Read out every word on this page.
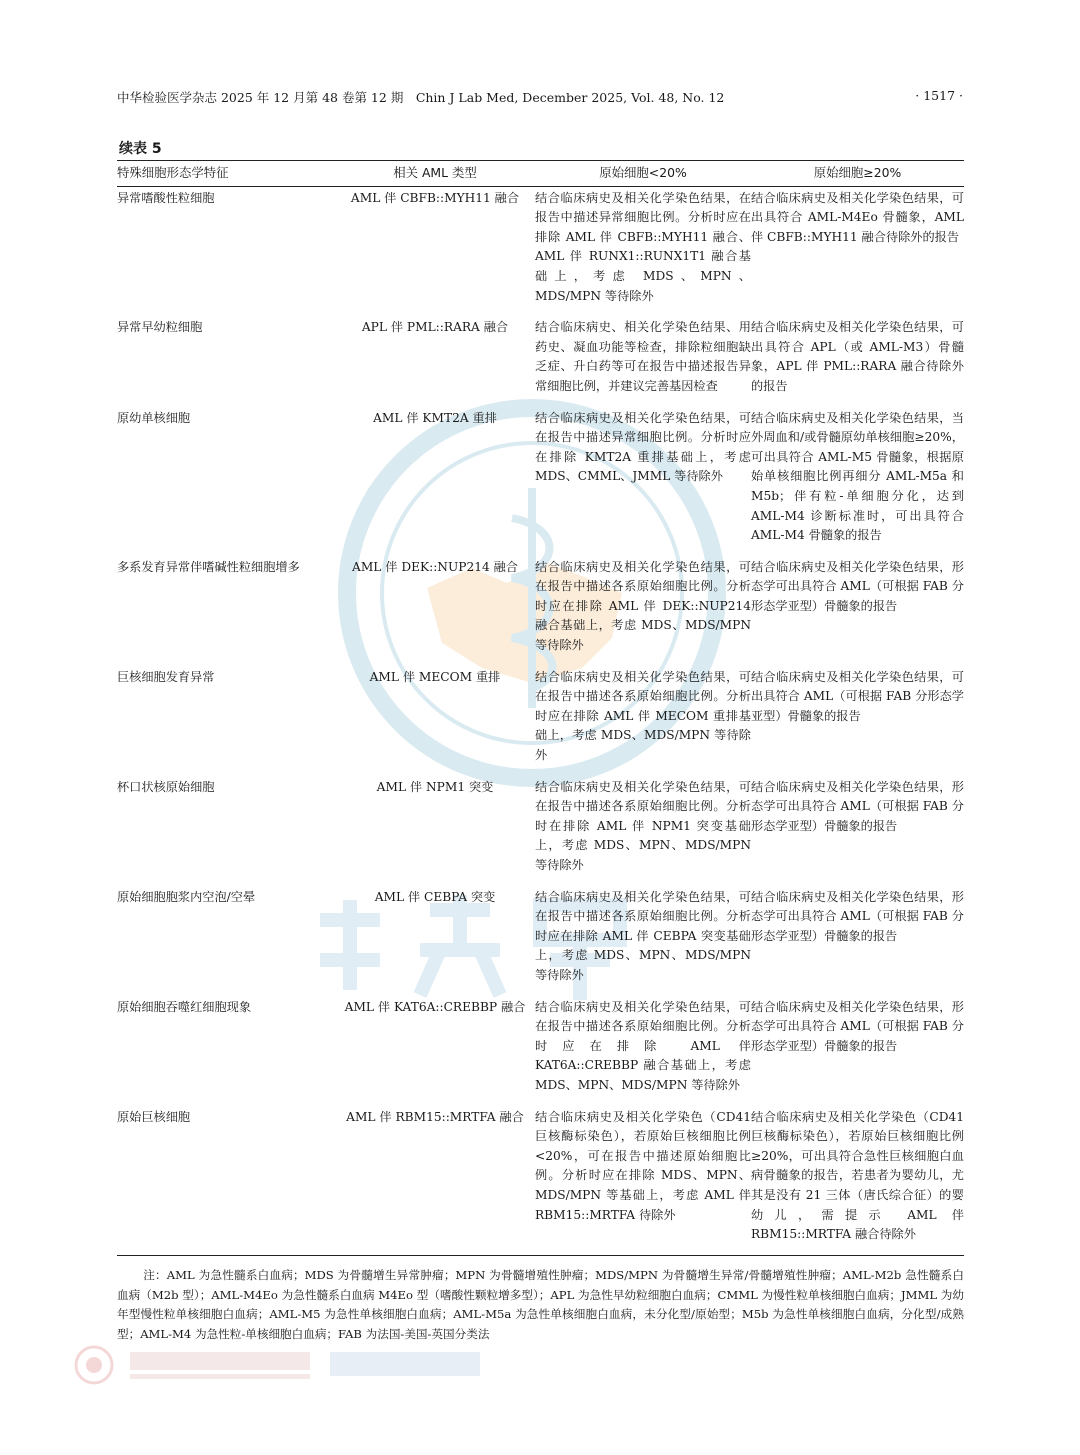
中华检验医学杂志 2025 年 12 月第 48 卷第 12 期　Chin J Lab Med, December 2025, Vol. 48, No. 12	· 1517 ·
续表 5
特殊细胞形态学特征	相关 AML 类型	原始细胞<20%	原始细胞≥20%
异常嗜酸性粒细胞	AML 伴 CBFB::MYH11 融合	结合临床病史及相关化学染色结果，在报告中描述异常细胞比例。分析时应在排除 AML 伴 CBFB::MYH11 融合、AML 伴 RUNX1::RUNX1T1 融合基础上，考虑 MDS、MPN、MDS/MPN 等待除外	结合临床病史及相关化学染色结果，可出具符合 AML-M4Eo 骨髓象，AML 伴 CBFB::MYH11 融合待除外的报告
异常早幼粒细胞	APL 伴 PML::RARA 融合	结合临床病史、相关化学染色结果、用药史、凝血功能等检查，排除粒细胞缺乏症、升白药等可在报告中描述报告异常细胞比例，并建议完善基因检查	结合临床病史及相关化学染色结果，可出具符合 APL（或 AML-M3）骨髓象，APL 伴 PML::RARA 融合待除外的报告
原幼单核细胞	AML 伴 KMT2A 重排	结合临床病史及相关化学染色结果，可在报告中描述异常细胞比例。分析时应在排除 KMT2A 重排基础上，考虑 MDS、CMML、JMML 等待除外	结合临床病史及相关化学染色结果，当外周血和/或骨髓原幼单核细胞≥20%，可出具符合 AML-M5 骨髓象，根据原始单核细胞比例再细分 AML-M5a 和 M5b；伴有粒-单细胞分化，达到 AML-M4 诊断标准时，可出具符合 AML-M4 骨髓象的报告
多系发育异常伴嗜碱性粒细胞增多	AML 伴 DEK::NUP214 融合	结合临床病史及相关化学染色结果，可在报告中描述各系原始细胞比例。分析时应在排除 AML 伴 DEK::NUP214 融合基础上，考虑 MDS、MDS/MPN 等待除外	结合临床病史及相关化学染色结果，形态学可出具符合 AML（可根据 FAB 分形态学亚型）骨髓象的报告
巨核细胞发育异常	AML 伴 MECOM 重排	结合临床病史及相关化学染色结果，可在报告中描述各系原始细胞比例。分析时应在排除 AML 伴 MECOM 重排基础上，考虑 MDS、MDS/MPN 等待除外	结合临床病史及相关化学染色结果，可出具符合 AML（可根据 FAB 分形态学亚型）骨髓象的报告
杯口状核原始细胞	AML 伴 NPM1 突变	结合临床病史及相关化学染色结果，可在报告中描述各系原始细胞比例。分析时在排除 AML 伴 NPM1 突变基础上，考虑 MDS、MPN、MDS/MPN 等待除外	结合临床病史及相关化学染色结果，形态学可出具符合 AML（可根据 FAB 分形态学亚型）骨髓象的报告
原始细胞胞浆内空泡/空晕	AML 伴 CEBPA 突变	结合临床病史及相关化学染色结果，可在报告中描述各系原始细胞比例。分析时应在排除 AML 伴 CEBPA 突变基础上，考虑 MDS、MPN、MDS/MPN 等待除外	结合临床病史及相关化学染色结果，形态学可出具符合 AML（可根据 FAB 分形态学亚型）骨髓象的报告
原始细胞吞噬红细胞现象	AML 伴 KAT6A::CREBBP 融合	结合临床病史及相关化学染色结果，可在报告中描述各系原始细胞比例。分析时应在排除 AML 伴 KAT6A::CREBBP 融合基础上，考虑 MDS、MPN、MDS/MPN 等待除外	结合临床病史及相关化学染色结果，形态学可出具符合 AML（可根据 FAB 分形态学亚型）骨髓象的报告
原始巨核细胞	AML 伴 RBM15::MRTFA 融合	结合临床病史及相关化学染色（CD41 巨核酶标染色），若原始巨核细胞比例<20%，可在报告中描述原始细胞比例。分析时应在排除 MDS、MPN、MDS/MPN 等基础上，考虑 AML 伴 RBM15::MRTFA 待除外	结合临床病史及相关化学染色（CD41 巨核酶标染色），若原始巨核细胞比例≥20%，可出具符合急性巨核细胞白血病骨髓象的报告，若患者为婴幼儿，尤其是没有 21 三体（唐氏综合征）的婴幼儿，需提示 AML 伴 RBM15::MRTFA 融合待除外
注：AML 为急性髓系白血病；MDS 为骨髓增生异常肿瘤；MPN 为骨髓增殖性肿瘤；MDS/MPN 为骨髓增生异常/骨髓增殖性肿瘤；AML-M2b 急性髓系白血病（M2b 型）；AML-M4Eo 为急性髓系白血病 M4Eo 型（嗜酸性颗粒增多型）；APL 为急性早幼粒细胞白血病；CMML 为慢性粒单核细胞白血病；JMML 为幼年型慢性粒单核细胞白血病；AML-M5 为急性单核细胞白血病；AML-M5a 为急性单核细胞白血病，未分化型/原始型；M5b 为急性单核细胞白血病，分化型/成熟型；AML-M4 为急性粒-单核细胞白血病；FAB 为法国-美国-英国分类法
